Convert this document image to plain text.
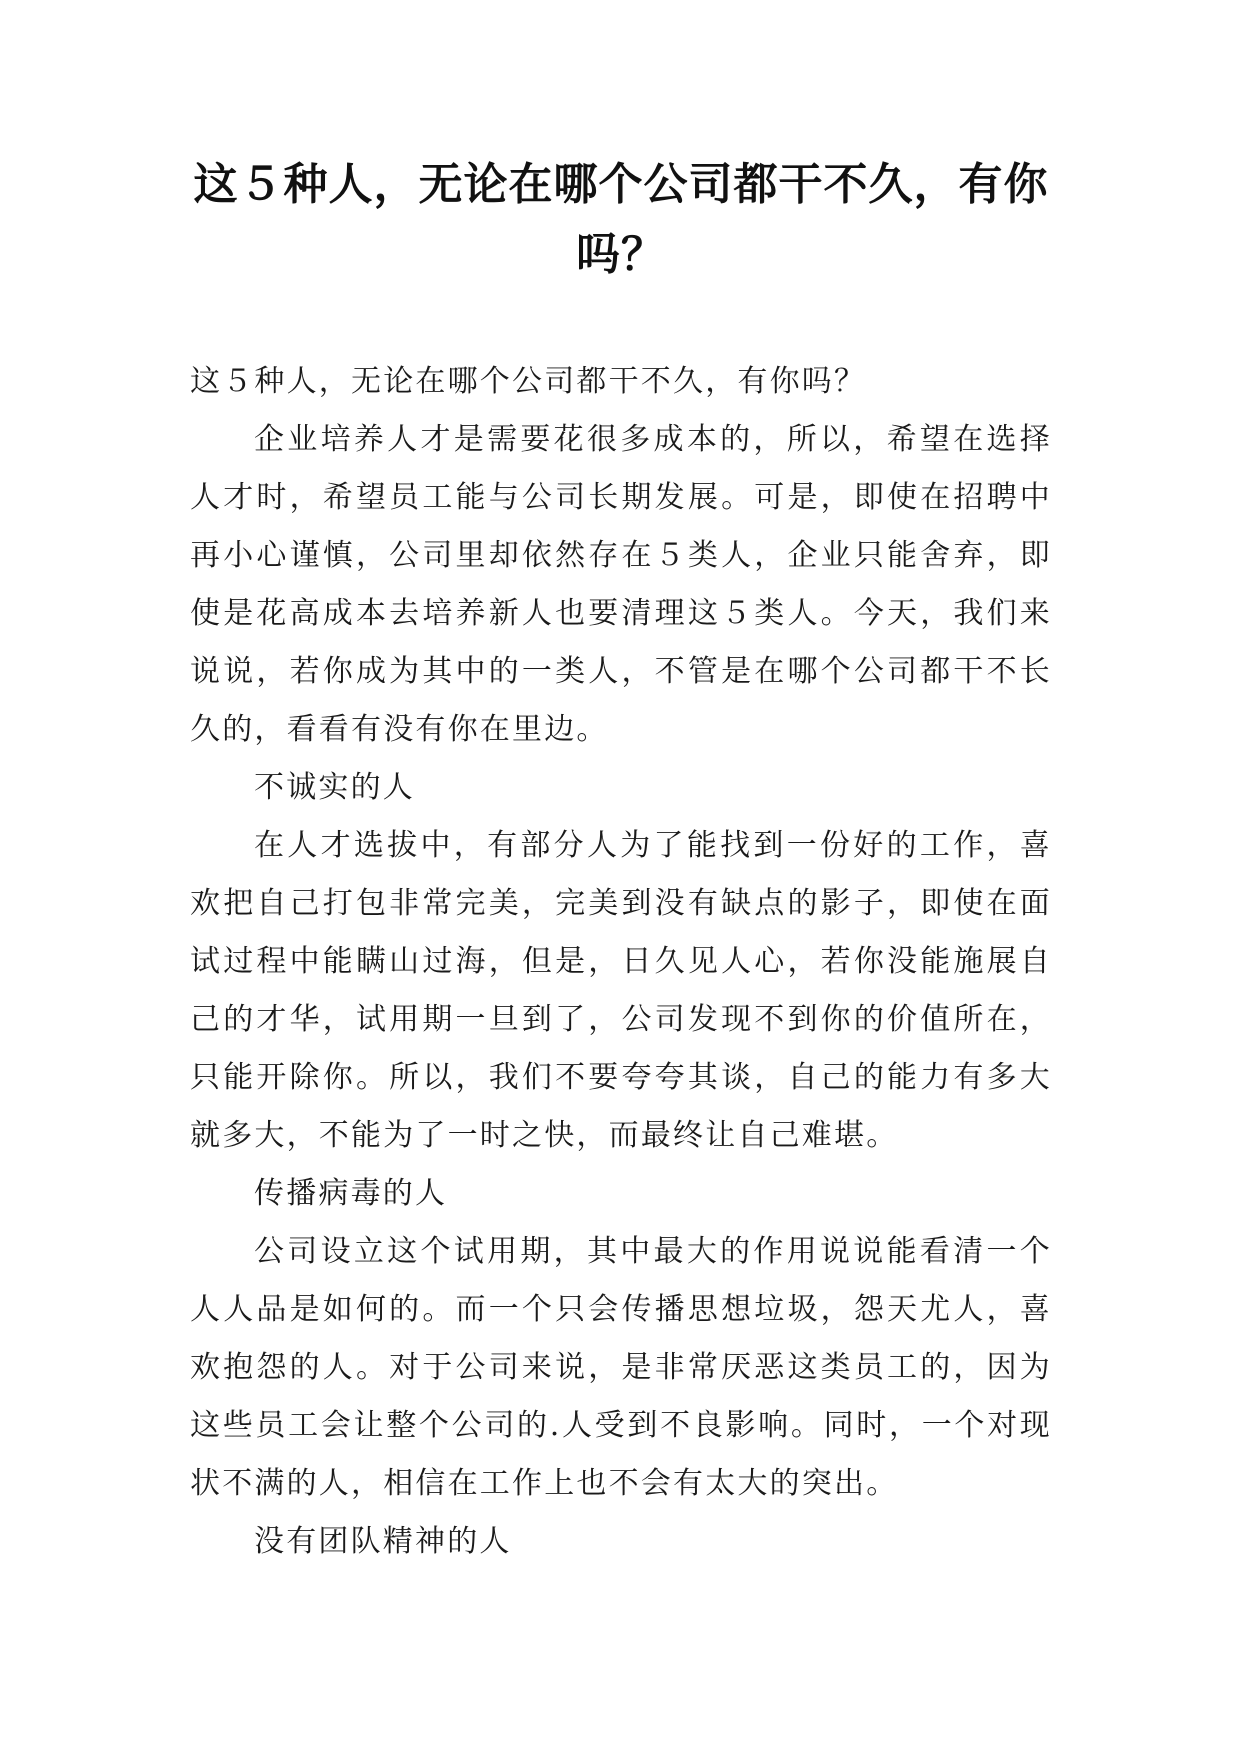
这５种人，无论在哪个公司都干不久，有你吗？

这５种人，无论在哪个公司都干不久，有你吗？

企业培养人才是需要花很多成本的，所以，希望在选择人才时，希望员工能与公司长期发展。可是，即使在招聘中再小心谨慎，公司里却依然存在５类人，企业只能舍弃，即使是花高成本去培养新人也要清理这５类人。今天，我们来说说，若你成为其中的一类人，不管是在哪个公司都干不长久的，看看有没有你在里边。

不诚实的人

在人才选拔中，有部分人为了能找到一份好的工作，喜欢把自己打包非常完美，完美到没有缺点的影子，即使在面试过程中能瞒山过海，但是，日久见人心，若你没能施展自己的才华，试用期一旦到了，公司发现不到你的价值所在，只能开除你。所以，我们不要夸夸其谈，自己的能力有多大就多大，不能为了一时之快，而最终让自己难堪。

传播病毒的人

公司设立这个试用期，其中最大的作用说说能看清一个人人品是如何的。而一个只会传播思想垃圾，怨天尤人，喜欢抱怨的人。对于公司来说，是非常厌恶这类员工的，因为这些员工会让整个公司的.人受到不良影响。同时，一个对现状不满的人，相信在工作上也不会有太大的突出。

没有团队精神的人
